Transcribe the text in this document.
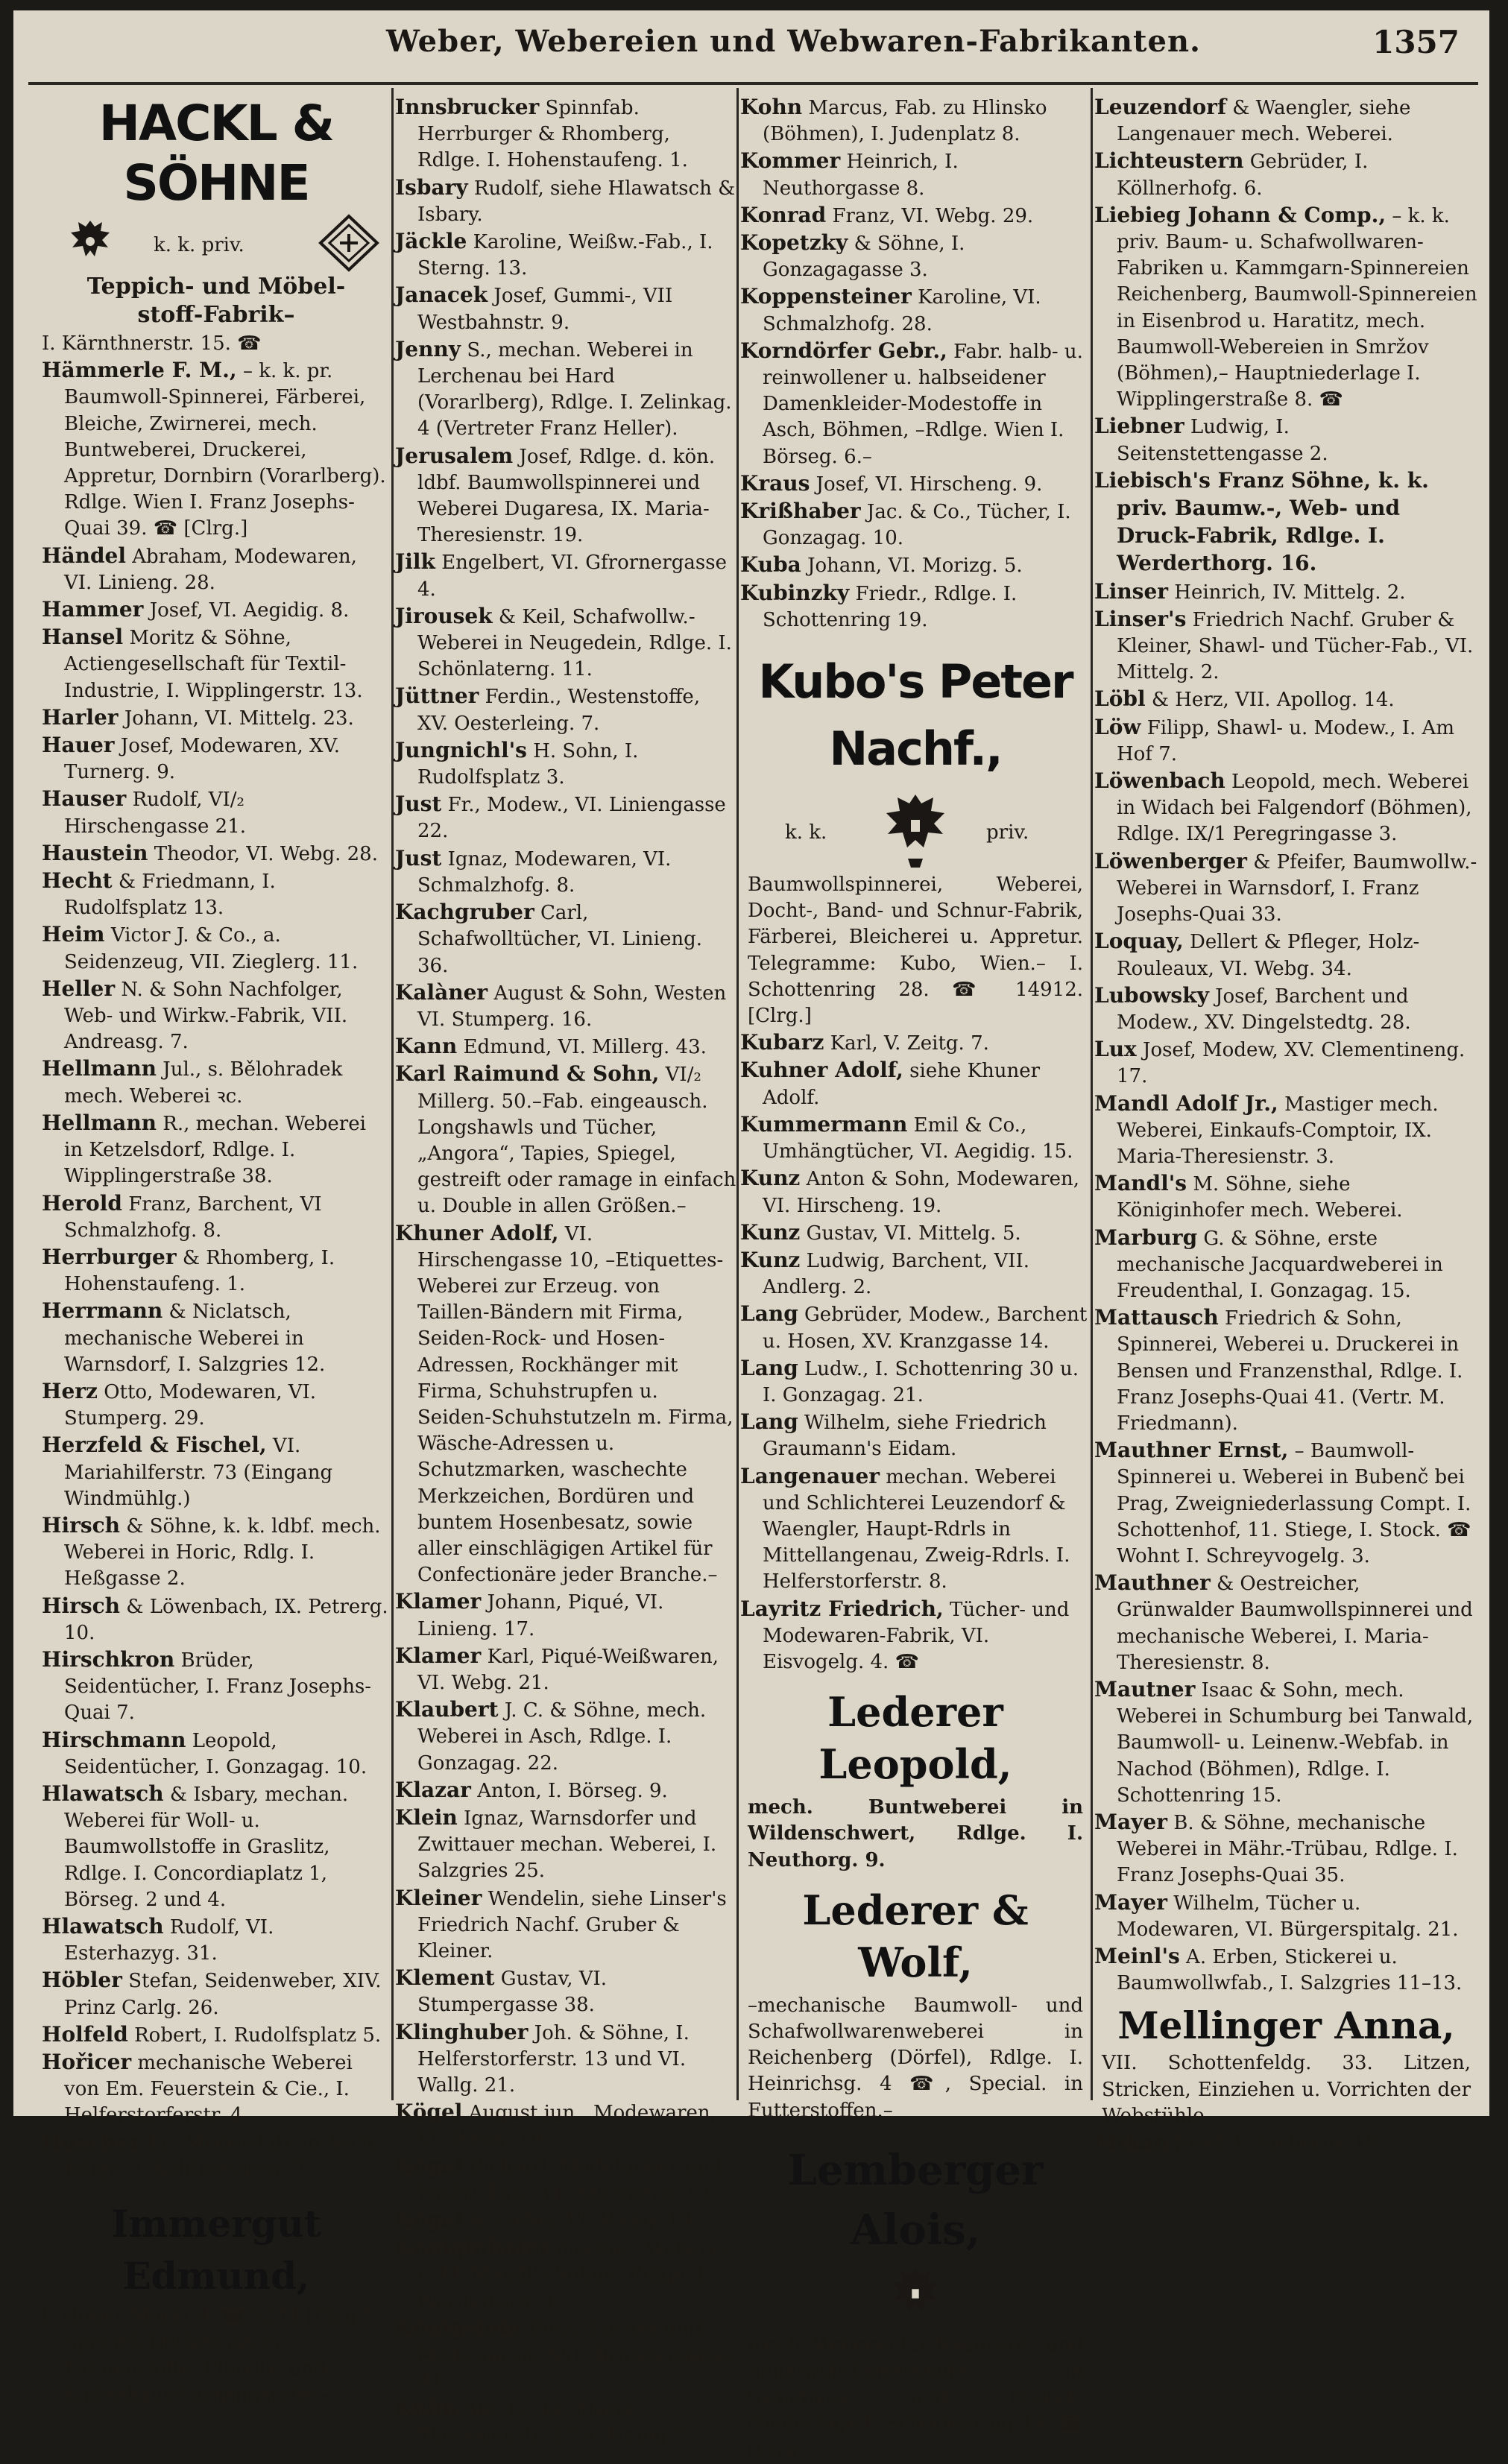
Weber, Webereien und Webwaren-Fabrikanten.	1357
HACKL & SÖHNE
k. k. priv.
Teppich- und Möbel-
stoff-Fabrik–

I. Kärnthnerstr. 15. ☎

Hämmerle F. M., – k. k. pr. Baumwoll-Spinnerei, Färberei, Bleiche, Zwirnerei, mech. Buntweberei, Druckerei, Appretur, Dornbirn (Vorarlberg). Rdlge. Wien I. Franz Josephs-Quai 39. ☎ [Clrg.]

Händel Abraham, Modewaren, VI. Linieng. 28.

Hammer Josef, VI. Aegidig. 8.

Hansel Moritz & Söhne, Actiengesellschaft für Textil-Industrie, I. Wipplingerstr. 13.

Harler Johann, VI. Mittelg. 23.

Hauer Josef, Modewaren, XV. Turnerg. 9.

Hauser Rudolf, VI/₂ Hirschengasse 21.

Haustein Theodor, VI. Webg. 28.

Hecht & Friedmann, I. Rudolfsplatz 13.

Heim Victor J. & Co., a. Seidenzeug, VII. Zieglerg. 11.

Heller N. & Sohn Nachfolger, Web- und Wirkw.-Fabrik, VII. Andreasg. 7.

Hellmann Jul., s. Bělohradek mech. Weberei ꝛc.

Hellmann R., mechan. Weberei in Ketzelsdorf, Rdlge. I. Wipplingerstraße 38.

Herold Franz, Barchent, VI Schmalzhofg. 8.

Herrburger & Rhomberg, I. Hohenstaufeng. 1.

Herrmann & Niclatsch, mechanische Weberei in Warnsdorf, I. Salzgries 12.

Herz Otto, Modewaren, VI. Stumperg. 29.

Herzfeld & Fischel, VI. Mariahilferstr. 73 (Eingang Windmühlg.)

Hirsch & Söhne, k. k. ldbf. mech. Weberei in Horic, Rdlg. I. Heßgasse 2.

Hirsch & Löwenbach, IX. Petrerg. 10.

Hirschkron Brüder, Seidentücher, I. Franz Josephs-Quai 7.

Hirschmann Leopold, Seidentücher, I. Gonzagag. 10.

Hlawatsch & Isbary, mechan. Weberei für Woll- u. Baumwollstoffe in Graslitz, Rdlge. I. Concordiaplatz 1, Börseg. 2 und 4.

Hlawatsch Rudolf, VI. Esterhazyg. 31.

Höbler Stefan, Seidenweber, XIV. Prinz Carlg. 26.

Holfeld Robert, I. Rudolfsplatz 5.

Hořicer mechanische Weberei von Em. Feuerstein & Cie., I. Helferstorferstr. 4.

Huscher Fr., Modewfab. in Asch, Rdlge. I. Kohlmesserg. 7.

Immergut Edmund,

I. Hoher Markt 4. ☎ 5274 [Clrg.] Speciell Deckensatins, Fahnenstoffe, Flanelle und Kaffeehaus-Vorhangstoffe.–

Innsbrucker Spinnfab. Herrburger & Rhomberg, Rdlge. I. Hohenstaufeng. 1.

Isbary Rudolf, siehe Hlawatsch & Isbary.

Jäckle Karoline, Weißw.-Fab., I. Sterng. 13.

Janacek Josef, Gummi-, VII Westbahnstr. 9.

Jenny S., mechan. Weberei in Lerchenau bei Hard (Vorarlberg), Rdlge. I. Zelinkag. 4 (Vertreter Franz Heller).

Jerusalem Josef, Rdlge. d. kön. ldbf. Baumwollspinnerei und Weberei Dugaresa, IX. Maria-Theresienstr. 19.

Jilk Engelbert, VI. Gfrornergasse 4.

Jirousek & Keil, Schafwollw.-Weberei in Neugedein, Rdlge. I. Schönlaterng. 11.

Jüttner Ferdin., Westenstoffe, XV. Oesterleing. 7.

Jungnichl's H. Sohn, I. Rudolfsplatz 3.

Just Fr., Modew., VI. Liniengasse 22.

Just Ignaz, Modewaren, VI. Schmalzhofg. 8.

Kachgruber Carl, Schafwolltücher, VI. Linieng. 36.

Kalàner August & Sohn, Westen VI. Stumperg. 16.

Kann Edmund, VI. Millerg. 43.

Karl Raimund & Sohn, VI/₂ Millerg. 50.–Fab. eingeausch. Longshawls und Tücher, „Angora“, Tapies, Spiegel, gestreift oder ramage in einfach u. Double in allen Größen.–

Khuner Adolf, VI. Hirschengasse 10, –Etiquettes-Weberei zur Erzeug. von Taillen-Bändern mit Firma, Seiden-Rock- und Hosen-Adressen, Rockhänger mit Firma, Schuhstrupfen u. Seiden-Schuhstutzeln m. Firma, Wäsche-Adressen u. Schutzmarken, waschechte Merkzeichen, Bordüren und buntem Hosenbesatz, sowie aller einschlägigen Artikel für Confectionäre jeder Branche.–

Klamer Johann, Piqué, VI. Linieng. 17.

Klamer Karl, Piqué-Weißwaren, VI. Webg. 21.

Klaubert J. C. & Söhne, mech. Weberei in Asch, Rdlge. I. Gonzagag. 22.

Klazar Anton, I. Börseg. 9.

Klein Ignaz, Warnsdorfer und Zwittauer mechan. Weberei, I. Salzgries 25.

Kleiner Wendelin, siehe Linser's Friedrich Nachf. Gruber & Kleiner.

Klement Gustav, VI. Stumpergasse 38.

Klinghuber Joh. & Söhne, I. Helferstorferstr. 13 und VI. Wallg. 21.

Kögel August jun., Modewaren, VI. Webg. 19.

Kögel Richard, Modetücher und Wollw.-Fab., VI. Stumperg. 13.

Kögel & Sieber, VI. Webg. 19.

Königinhofer mechan. Weberei v. M. Mandl's Söhne, Rdlge. I. Werdertorg. 1.

Königstein Rosa, Tücher und Modewaren, XVI. Brunnengasse 41.

Kohn Alb. R., IX. Maria-Theresienstr. 17 a. Haing 7

Kohn Marcus, Fab. zu Hlinsko (Böhmen), I. Judenplatz 8.

Kommer Heinrich, I. Neuthorgasse 8.

Konrad Franz, VI. Webg. 29.

Kopetzky & Söhne, I. Gonzagagasse 3.

Koppensteiner Karoline, VI. Schmalzhofg. 28.

Korndörfer Gebr., Fabr. halb- u. reinwollener u. halbseidener Damenkleider-Modestoffe in Asch, Böhmen, –Rdlge. Wien I. Börseg. 6.–

Kraus Josef, VI. Hirscheng. 9.

Krißhaber Jac. & Co., Tücher, I. Gonzagag. 10.

Kuba Johann, VI. Morizg. 5.

Kubinzky Friedr., Rdlge. I. Schottenring 19.

Kubo's Peter Nachf.,
k. k.	priv.
Baumwollspinnerei, Weberei, Docht-, Band- und Schnur-Fabrik, Färberei, Bleicherei u. Appretur. Telegramme: Kubo, Wien.– I. Schottenring 28. ☎ 14912. [Clrg.]

Kubarz Karl, V. Zeitg. 7.

Kuhner Adolf, siehe Khuner Adolf.

Kummermann Emil & Co., Umhängtücher, VI. Aegidig. 15.

Kunz Anton & Sohn, Modewaren, VI. Hirscheng. 19.

Kunz Gustav, VI. Mittelg. 5.

Kunz Ludwig, Barchent, VII. Andlerg. 2.

Lang Gebrüder, Modew., Barchent u. Hosen, XV. Kranzgasse 14.

Lang Ludw., I. Schottenring 30 u. I. Gonzagag. 21.

Lang Wilhelm, siehe Friedrich Graumann's Eidam.

Langenauer mechan. Weberei und Schlichterei Leuzendorf & Waengler, Haupt-Rdrls in Mittellangenau, Zweig-Rdrls. I. Helferstorferstr. 8.

Layritz Friedrich, Tücher- und Modewaren-Fabrik, VI. Eisvogelg. 4. ☎

Lederer Leopold,
mech. Buntweberei in Wildenschwert, Rdlge. I. Neuthorg. 9.
Lederer & Wolf,
–mechanische Baumwoll- und Schafwollwarenweberei in Reichenberg (Dörfel), Rdlge. I. Heinrichsg. 4 ☎, Special. in Futterstoffen.–
Lemberger Alois,
mech. Weberei für Baumwoll- und Schafwoll-Futterstoffe in Swiadnow und Mistek. Niederlage I. Schottenring 15. ☎ [Clrg.]

Leuzendorf & Waengler, siehe Langenauer mech. Weberei.

Lichteustern Gebrüder, I. Köllnerhofg. 6.

Liebieg Johann & Comp., – k. k. priv. Baum- u. Schafwollwaren-Fabriken u. Kammgarn-Spinnereien Reichenberg, Baumwoll-Spinnereien in Eisenbrod u. Haratitz, mech. Baumwoll-Webereien in Smržov (Böhmen),– Hauptniederlage I. Wipplingerstraße 8. ☎

Liebner Ludwig, I. Seitenstettengasse 2.

Liebisch's Franz Söhne, k. k. priv. Baumw.-, Web- und Druck-Fabrik, Rdlge. I. Werderthorg. 16.

Linser Heinrich, IV. Mittelg. 2.

Linser's Friedrich Nachf. Gruber & Kleiner, Shawl- und Tücher-Fab., VI. Mittelg. 2.

Löbl & Herz, VII. Apollog. 14.

Löw Filipp, Shawl- u. Modew., I. Am Hof 7.

Löwenbach Leopold, mech. Weberei in Widach bei Falgendorf (Böhmen), Rdlge. IX/1 Peregringasse 3.

Löwenberger & Pfeifer, Baumwollw.-Weberei in Warnsdorf, I. Franz Josephs-Quai 33.

Loquay, Dellert & Pfleger, Holz-Rouleaux, VI. Webg. 34.

Lubowsky Josef, Barchent und Modew., XV. Dingelstedtg. 28.

Lux Josef, Modew, XV. Clementineng. 17.

Mandl Adolf Jr., Mastiger mech. Weberei, Einkaufs-Comptoir, IX. Maria-Theresienstr. 3.

Mandl's M. Söhne, siehe Königinhofer mech. Weberei.

Marburg G. & Söhne, erste mechanische Jacquardweberei in Freudenthal, I. Gonzagag. 15.

Mattausch Friedrich & Sohn, Spinnerei, Weberei u. Druckerei in Bensen und Franzensthal, Rdlge. I. Franz Josephs-Quai 41. (Vertr. M. Friedmann).

Mauthner Ernst, – Baumwoll-Spinnerei u. Weberei in Bubenč bei Prag, Zweigniederlassung Compt. I. Schottenhof, 11. Stiege, I. Stock. ☎ Wohnt I. Schreyvogelg. 3.

Mauthner & Oestreicher, Grünwalder Baumwollspinnerei und mechanische Weberei, I. Maria-Theresienstr. 8.

Mautner Isaac & Sohn, mech. Weberei in Schumburg bei Tanwald, Baumwoll- u. Leinenw.-Webfab. in Nachod (Böhmen), Rdlge. I. Schottenring 15.

Mayer B. & Söhne, mechanische Weberei in Mähr.-Trübau, Rdlge. I. Franz Josephs-Quai 35.

Mayer Wilhelm, Tücher u. Modewaren, VI. Bürgerspitalg. 21.

Meinl's A. Erben, Stickerei u. Baumwollwfab., I. Salzgries 11–13.

Mellinger Anna,
VII. Schottenfeldg. 33. Litzen, Stricken, Einziehen u. Vorrichten der Webstühle.

Mikan Josef, V. Siebertg. 18.
